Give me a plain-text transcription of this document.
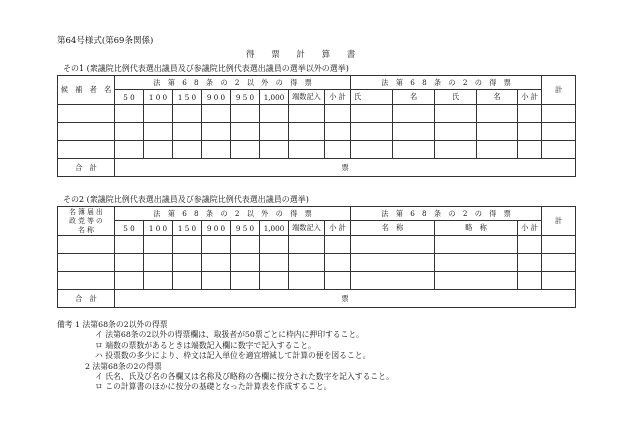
第64号様式(第69条関係)
得 票 計 算 書
その1 (衆議院比例代表選出議員及び参議院比例代表選出議員の選挙以外の選挙)
候 補 者 名	法 第 6 8 条 の 2 以 外 の 得 票								法 第 6 8 条 の 2 の 得 票					計
	5 0	1 0 0	1 5 0	9 0 0	9 5 0	1,000	端数記入	小 計	氏	名	氏	名	小 計	

合 計	票													
その2 (衆議院比例代表選出議員及び参議院比例代表選出議員の選挙)
名 簿 届 出
政 党 等 の
名 称	法 第 6 8 条 の 2 以 外 の 得 票								法 第 6 8 条 の 2 の 得 票			計
	5 0	1 0 0	1 5 0	9 0 0	9 5 0	1,000	端数記入	小 計	名 称	略 称	小 計	

合 計	票											
備考 1 法第68条の2以外の得票
イ 法第68条の2以外の得票欄は、取扱者が50票ごとに枠内に押印すること。
ロ 端数の票数があるときは端数記入欄に数字で記入すること。
ハ 投票数の多少により、枠文は記入単位を適宜増減して計算の便を図ること。
2 法第68条の2の得票
イ 氏名、氏及び名の各欄又は名称及び略称の各欄に按分された数字を記入すること。
ロ この計算書のほかに按分の基礎となった計算表を作成すること。
